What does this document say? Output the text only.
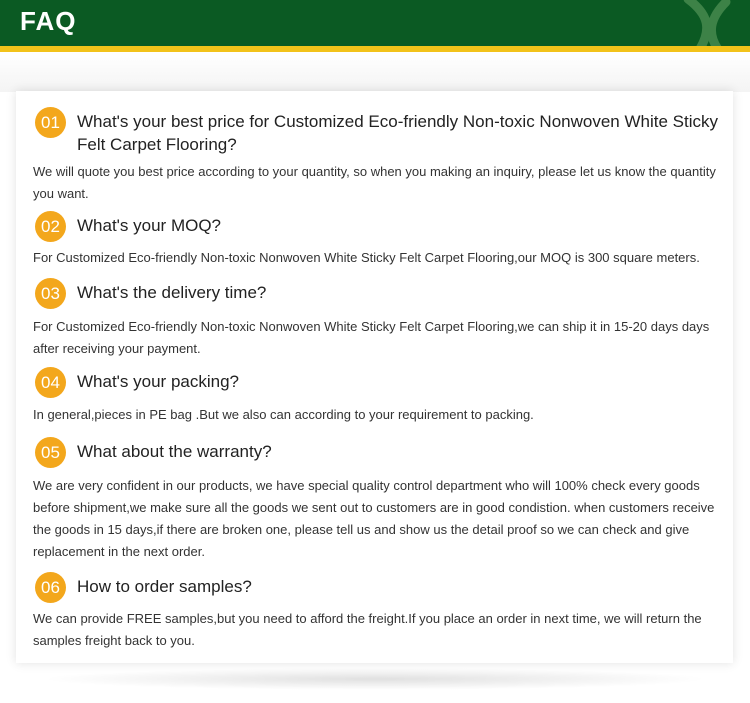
FAQ
01	What's your best price for Customized Eco-friendly Non-toxic Nonwoven White Sticky Felt Carpet Flooring?
We will quote you best price according to your quantity, so when you making an inquiry, please let us know the quantity you want.
02	What's your MOQ?
For Customized Eco-friendly Non-toxic Nonwoven White Sticky Felt Carpet Flooring,our MOQ is 300 square meters.
03	What's the delivery time?
For Customized Eco-friendly Non-toxic Nonwoven White Sticky Felt Carpet Flooring,we can ship it in 15-20 days days after receiving your payment.
04	What's your packing?
In general,pieces in PE bag .But we also can according to your requirement to packing.
05	What about the warranty?
We are very confident in our products, we have special quality control department who will 100% check every goods before shipment,we make sure all the goods we sent out to customers are in good condistion. when customers receive the goods in 15 days,if there are broken one, please tell us and show us the detail proof so we can check and give replacement in the next order.
06	How to order samples?
We can provide FREE samples,but you need to afford the freight.If you place an order in next time, we will return the samples freight back to you.
